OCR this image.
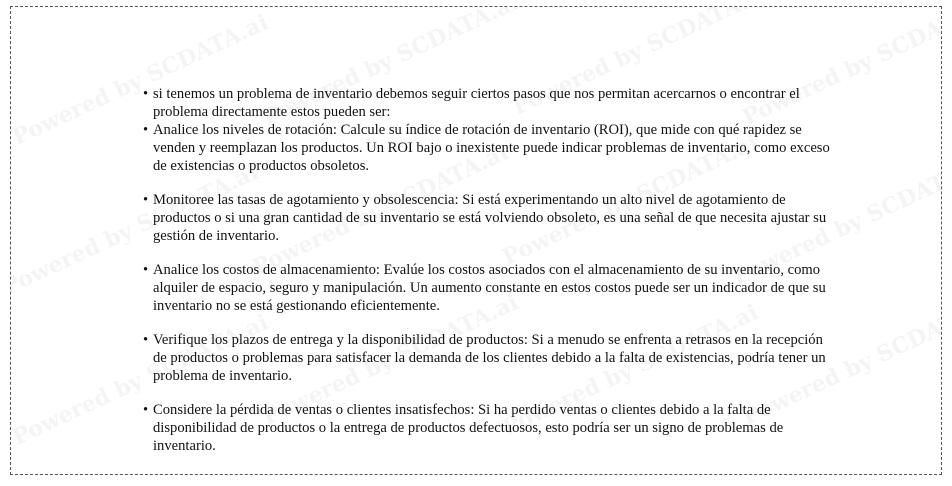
• si tenemos un problema de inventario debemos seguir ciertos pasos que nos permitan acercarnos o encontrar el problema directamente estos pueden ser:
• Analice los niveles de rotación: Calcule su índice de rotación de inventario (ROI), que mide con qué rapidez se venden y reemplazan los productos. Un ROI bajo o inexistente puede indicar problemas de inventario, como exceso de existencias o productos obsoletos.
• Monitoree las tasas de agotamiento y obsolescencia: Si está experimentando un alto nivel de agotamiento de productos o si una gran cantidad de su inventario se está volviendo obsoleto, es una señal de que necesita ajustar su gestión de inventario.
• Analice los costos de almacenamiento: Evalúe los costos asociados con el almacenamiento de su inventario, como alquiler de espacio, seguro y manipulación. Un aumento constante en estos costos puede ser un indicador de que su inventario no se está gestionando eficientemente.
• Verifique los plazos de entrega y la disponibilidad de productos: Si a menudo se enfrenta a retrasos en la recepción de productos o problemas para satisfacer la demanda de los clientes debido a la falta de existencias, podría tener un problema de inventario.
• Considere la pérdida de ventas o clientes insatisfechos: Si ha perdido ventas o clientes debido a la falta de disponibilidad de productos o la entrega de productos defectuosos, esto podría ser un signo de problemas de inventario.
